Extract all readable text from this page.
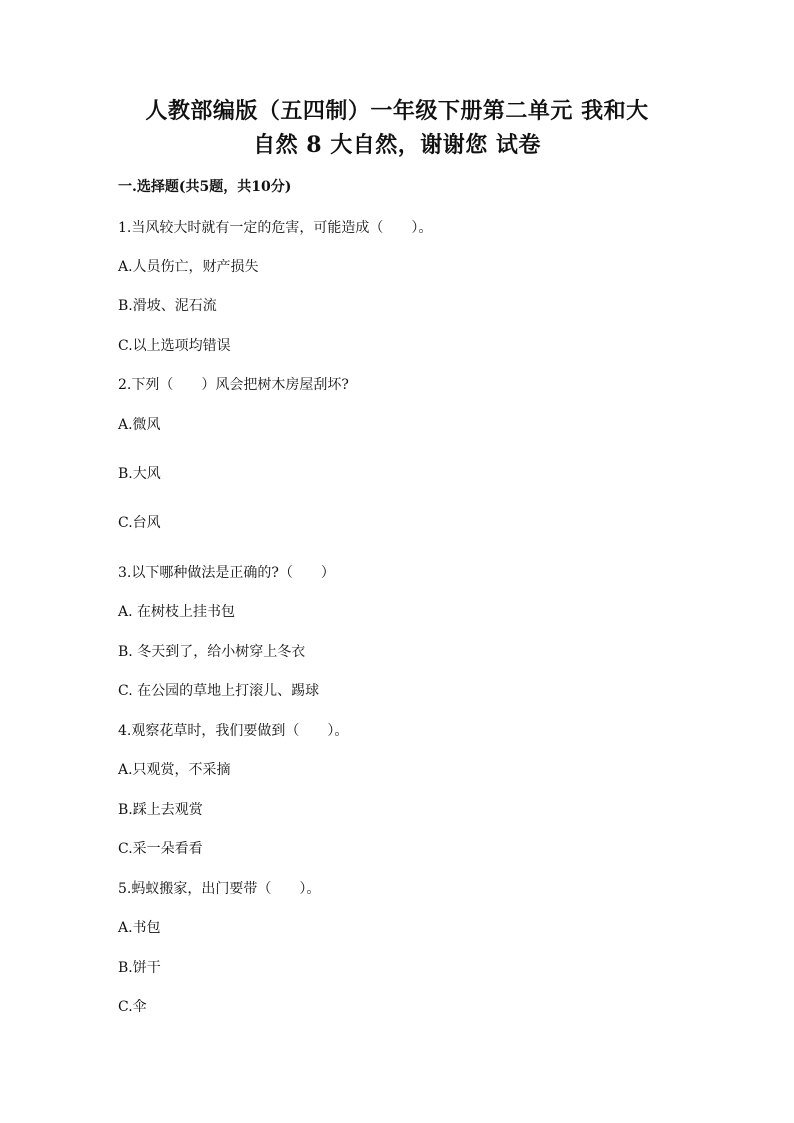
人教部编版（五四制）一年级下册第二单元 我和大
自然 8 大自然，谢谢您 试卷
一.选择题(共5题，共10分)
1.当风较大时就有一定的危害，可能造成（　　）。
A.人员伤亡，财产损失
B.滑坡、泥石流
C.以上选项均错误
2.下列（　　）风会把树木房屋刮坏?
A.微风
B.大风
C.台风
3.以下哪种做法是正确的?（　　）
A. 在树枝上挂书包
B. 冬天到了，给小树穿上冬衣
C. 在公园的草地上打滚儿、踢球
4.观察花草时，我们要做到（　　）。
A.只观赏，不采摘
B.踩上去观赏
C.采一朵看看
5.蚂蚁搬家，出门要带（　　）。
A.书包
B.饼干
C.伞
